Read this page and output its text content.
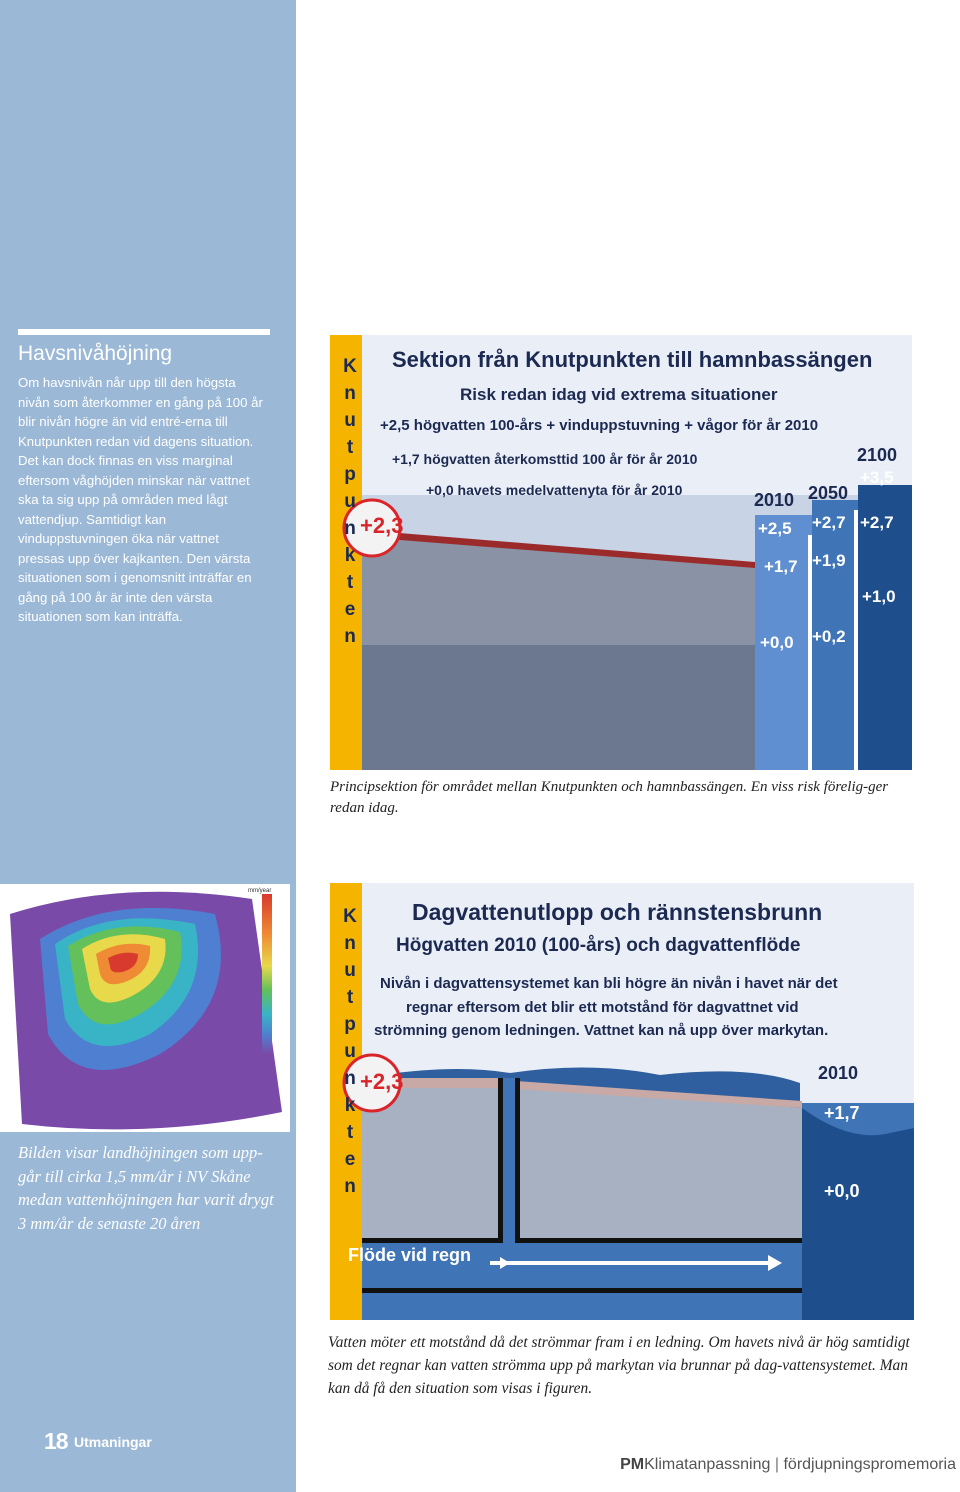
Havsnivåhöjning
Om havsnivån når upp till den högsta nivån som återkommer en gång på 100 år blir nivån högre än vid entré-erna till Knutpunkten redan vid dagens situation. Det kan dock finnas en viss marginal eftersom våghöjden minskar när vattnet ska ta sig upp på områden med lågt vattendjup. Samtidigt kan vinduppstuvningen öka när vattnet pressas upp över kajkanten. Den värsta situationen som i genomsnitt inträffar en gång på 100 år är inte den värsta situationen som kan inträffa.
mm/year
Bilden visar landhöjningen som upp-går till cirka 1,5 mm/år i NV Skåne medan vattenhöjningen har varit drygt 3 mm/år de senaste 20 åren
18 Utmaningar
K
n
u
t
p
u
n
k
t
e
n
Sektion från Knutpunkten till hamnbassängen
Risk redan idag vid extrema situationer
+2,5 högvatten 100-års + vinduppstuvning + vågor för år 2010
+1,7 högvatten återkomsttid 100 år för år 2010
+0,0 havets medelvattenyta för år 2010
+2,3
2010 2050
2100
+2,5
+1,7
+0,0
+2,7
+1,9
+0,2
+3,5
+2,7
+1,0
Principsektion för området mellan Knutpunkten och hamnbassängen. En viss risk förelig-ger redan idag.
K
n
u
t
p
u
n
k
t
e
n
Dagvattenutlopp och rännstensbrunn
Högvatten 2010 (100-års) och dagvattenflöde
Nivån i dagvattensystemet kan bli högre än nivån i havet när det
regnar eftersom det blir ett motstånd för dagvattnet vid
strömning genom ledningen. Vattnet kan nå upp över markytan.
+2,3	2010
+1,7
+0,0
Flöde vid regn
Vatten möter ett motstånd då det strömmar fram i en ledning. Om havets nivå är hög samtidigt som det regnar kan vatten strömma upp på markytan via brunnar på dag-vattensystemet. Man kan då få den situation som visas i figuren.
PMKlimatanpassning | fördjupningspromemoria
